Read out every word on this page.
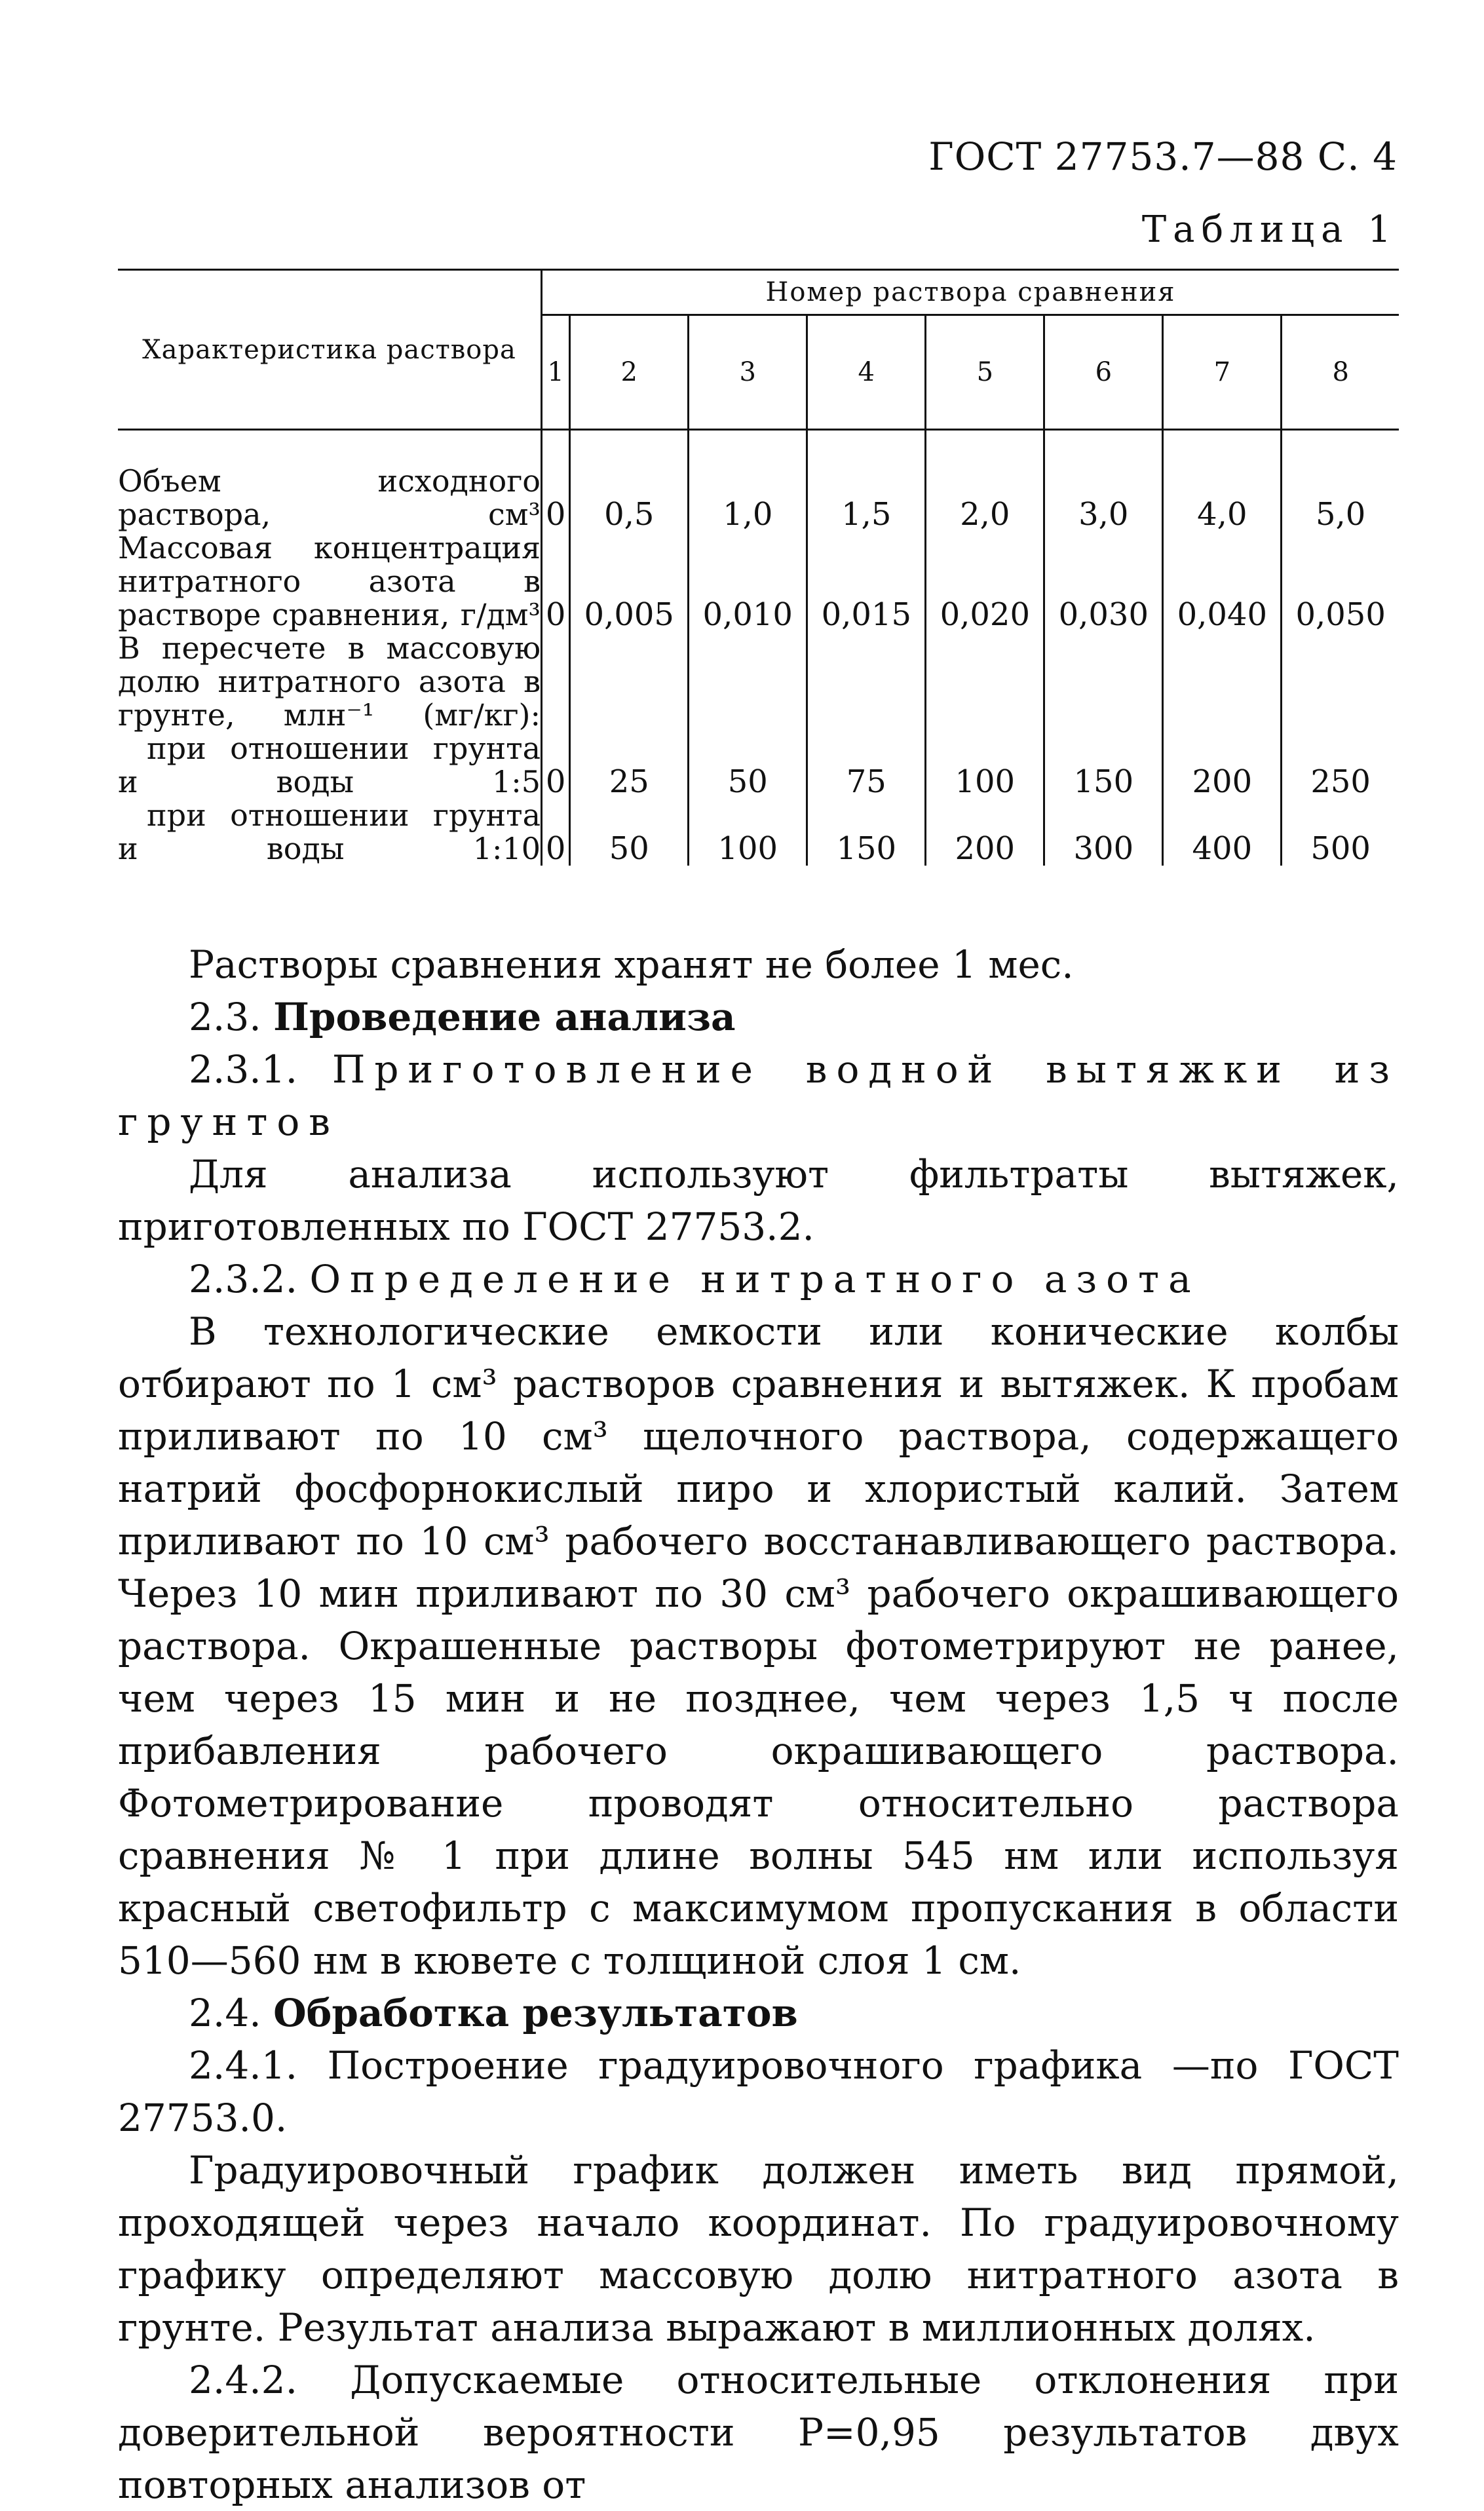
ГОСТ 27753.7—88 С. 4
Таблица 1
Характеристика раствора	Номер раствора сравнения							
	1	2	3	4	5	6	7	8
Объем исходного раствора, см³	0	0,5	1,0	1,5	2,0	3,0	4,0	5,0
Массовая концентрация нитратного азота в растворе сравнения, г/дм³	0	0,005	0,010	0,015	0,020	0,030	0,040	0,050
В пересчете в массовую долю нитратного азота в грунте, млн⁻¹ (мг/кг):								
при отношении грунта и воды 1:5	0	25	50	75	100	150	200	250
при отношении грунта и воды 1:10	0	50	100	150	200	300	400	500

Растворы сравнения хранят не более 1 мес.

2.3. Проведение анализа

2.3.1. Приготовление водной вытяжки из грунтов

Для анализа используют фильтраты вытяжек, приготовленных по ГОСТ 27753.2.

2.3.2. Определение нитратного азота

В технологические емкости или конические колбы отбирают по 1 см³ растворов сравнения и вытяжек. К пробам приливают по 10 см³ щелочного раствора, содержащего натрий фосфорнокислый пиро и хлористый калий. Затем приливают по 10 см³ рабочего восстанавливающего раствора. Через 10 мин приливают по 30 см³ рабочего окрашивающего раствора. Окрашенные растворы фотометрируют не ранее, чем через 15 мин и не позднее, чем через 1,5 ч после прибавления рабочего окрашивающего раствора. Фотометрирование проводят относительно раствора сравнения № 1 при длине волны 545 нм или используя красный светофильтр с максимумом пропускания в области 510—560 нм в кювете с толщиной слоя 1 см.

2.4. Обработка результатов

2.4.1. Построение градуировочного графика —по ГОСТ 27753.0.

Градуировочный график должен иметь вид прямой, проходящей через начало координат. По градуировочному графику определяют массовую долю нитратного азота в грунте. Результат анализа выражают в миллионных долях.

2.4.2. Допускаемые относительные отклонения при доверительной вероятности Р=0,95 результатов двух повторных анализов от
